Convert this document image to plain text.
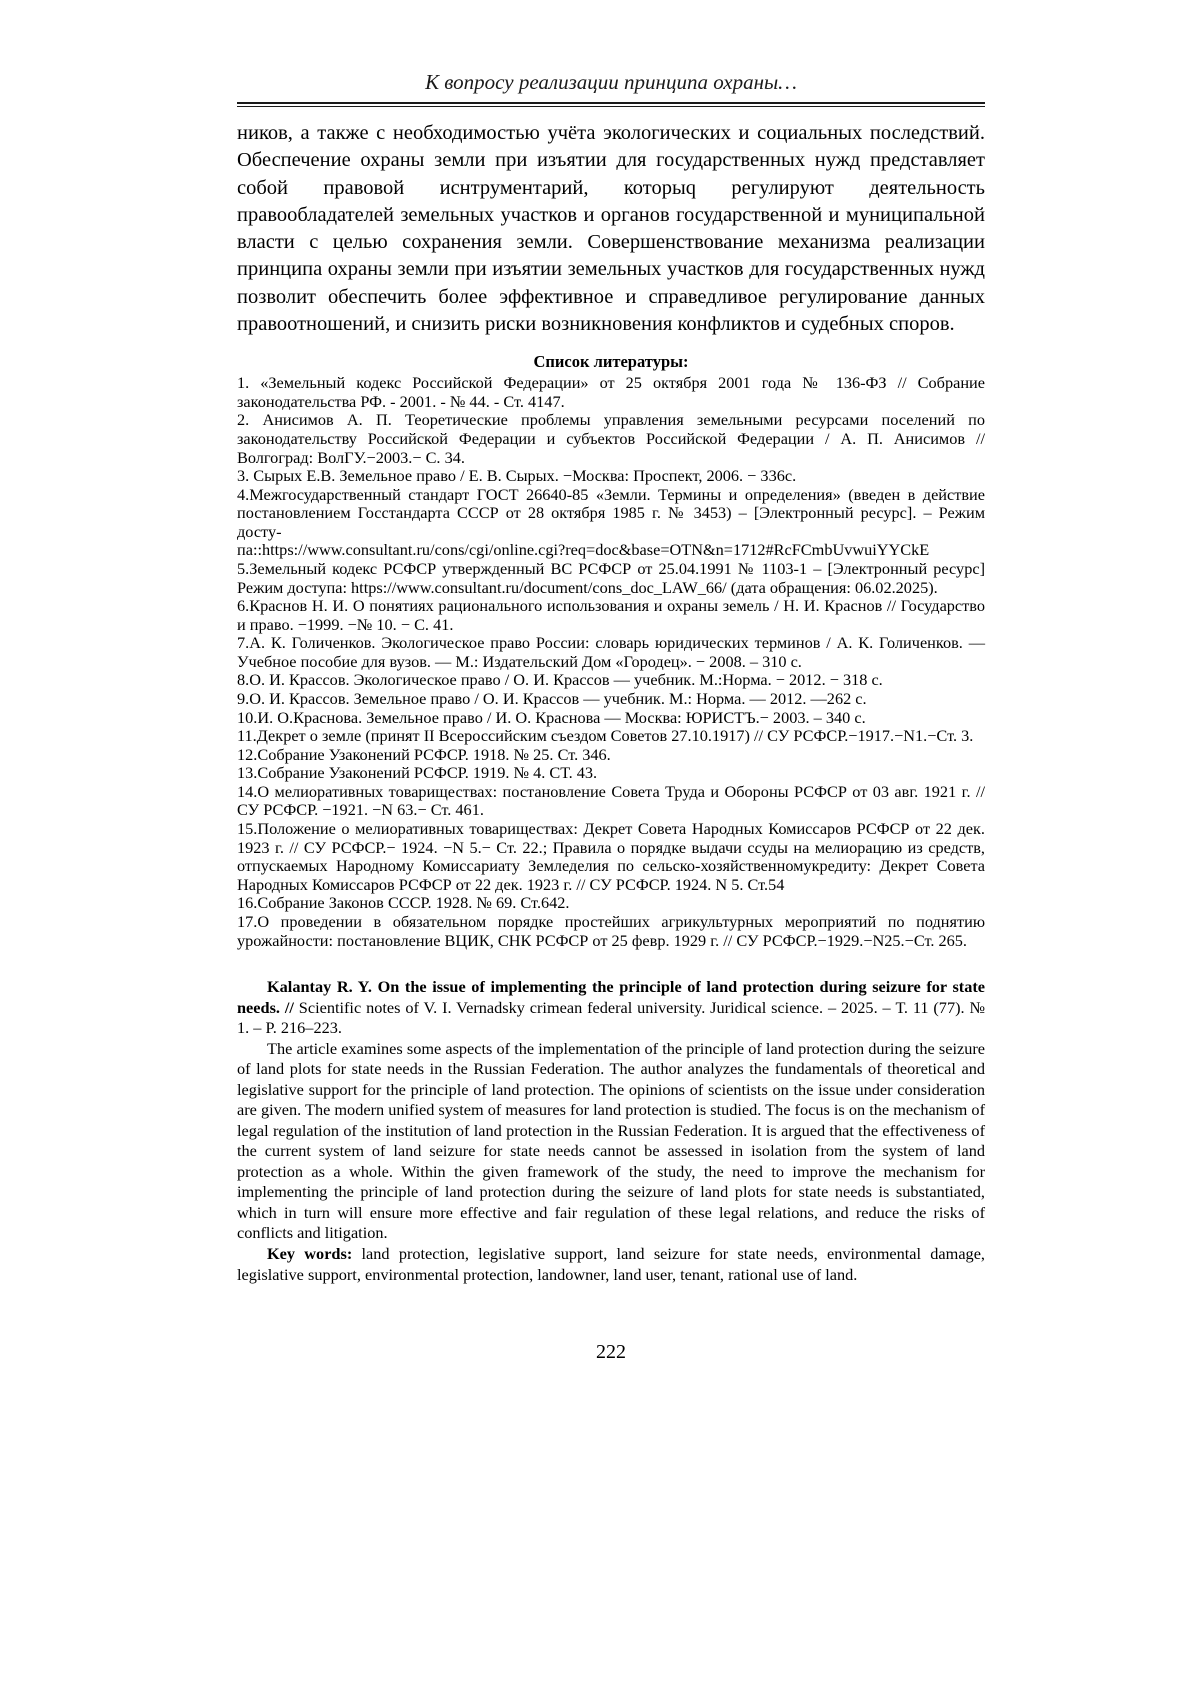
К вопросу реализации принципа охраны…

ников, а также с необходимостью учёта экологических и социальных последствий. Обеспечение охраны земли при изъятии для государственных нужд представляет собой правовой иснтрументарий, которыq регулируют деятельность правообладателей земельных участков и органов государственной и муниципальной власти с целью сохранения земли. Совершенствование механизма реализации принципа охраны земли при изъятии земельных участков для государственных нужд позволит обеспечить более эффективное и справедливое регулирование данных правоотношений, и снизить риски возникновения конфликтов и судебных споров.

Список литературы:

1. «Земельный кодекс Российской Федерации» от 25 октября 2001 года № 136-ФЗ // Собрание законодательства РФ. - 2001. - № 44. - Ст. 4147.

2. Анисимов А. П. Теоретические проблемы управления земельными ресурсами поселений по законодательству Российской Федерации и субъектов Российской Федерации / А. П. Анисимов // Волгоград: ВолГУ.−2003.− С. 34.

3. Сырых Е.В. Земельное право / Е. В. Сырых. −Москва: Проспект, 2006. − 336с.

4.Межгосударственный стандарт ГОСТ 26640-85 «Земли. Термины и определения» (введен в действие постановлением Госстандарта СССР от 28 октября 1985 г. № 3453) – [Электронный ресурс]. – Режим досту-
па::https://www.consultant.ru/cons/cgi/online.cgi?req=doc&base=OTN&n=1712#RcFCmbUvwuiYYCkE

5.Земельный кодекс РСФСР утвержденный ВС РСФСР от 25.04.1991 № 1103-1 – [Электронный ресурс] Режим доступа: https://www.consultant.ru/document/cons_doc_LAW_66/ (дата обращения: 06.02.2025).

6.Краснов Н. И. О понятиях рационального использования и охраны земель / Н. И. Краснов // Государство и право. −1999. −№ 10. − С. 41.

7.А. К. Голиченков. Экологическое право России: словарь юридических терминов / А. К. Голиченков. — Учебное пособие для вузов. — М.: Издательский Дом «Городец». − 2008. – 310 с.

8.О. И. Крассов. Экологическое право / О. И. Крассов — учебник. М.:Норма. − 2012. − 318 с.

9.О. И. Крассов. Земельное право / О. И. Крассов — учебник. М.: Норма. — 2012. —262 с.

10.И. О.Краснова. Земельное право / И. О. Краснова — Москва: ЮРИСТЪ.− 2003. – 340 с.

11.Декрет о земле (принят II Всероссийским съездом Советов 27.10.1917) // СУ РСФСР.−1917.−N1.−Ст. 3.

12.Собрание Узаконений РСФСР. 1918. № 25. Ст. 346.

13.Собрание Узаконений РСФСР. 1919. № 4. СТ. 43.

14.О мелиоративных товариществах: постановление Совета Труда и Обороны РСФСР от 03 авг. 1921 г. // СУ РСФСР. −1921. −N 63.− Ст. 461.

15.Положение о мелиоративных товариществах: Декрет Совета Народных Комиссаров РСФСР от 22 дек. 1923 г. // СУ РСФСР.− 1924. −N 5.− Ст. 22.; Правила о порядке выдачи ссуды на мелиорацию из средств, отпускаемых Народному Комиссариату Земледелия по сельско-хозяйственномукредиту: Декрет Совета Народных Комиссаров РСФСР от 22 дек. 1923 г. // СУ РСФСР. 1924. N 5. Ст.54

16.Собрание Законов СССР. 1928. № 69. Ст.642.

17.О проведении в обязательном порядке простейших агрикультурных мероприятий по поднятию урожайности: постановление ВЦИК, СНК РСФСР от 25 февр. 1929 г. // СУ РСФСР.−1929.−N25.−Ст. 265.

Kalantay R. Y. On the issue of implementing the principle of land protection during seizure for state needs. // Scientific notes of V. I. Vernadsky crimean federal university. Juridical science. – 2025. – Т. 11 (77). № 1. – P. 216–223.

The article examines some aspects of the implementation of the principle of land protection during the seizure of land plots for state needs in the Russian Federation. The author analyzes the fundamentals of theoretical and legislative support for the principle of land protection. The opinions of scientists on the issue under consideration are given. The modern unified system of measures for land protection is studied. The focus is on the mechanism of legal regulation of the institution of land protection in the Russian Federation. It is argued that the effectiveness of the current system of land seizure for state needs cannot be assessed in isolation from the system of land protection as a whole. Within the given framework of the study, the need to improve the mechanism for implementing the principle of land protection during the seizure of land plots for state needs is substantiated, which in turn will ensure more effective and fair regulation of these legal relations, and reduce the risks of conflicts and litigation.

Key words: land protection, legislative support, land seizure for state needs, environmental damage, legislative support, environmental protection, landowner, land user, tenant, rational use of land.

222
